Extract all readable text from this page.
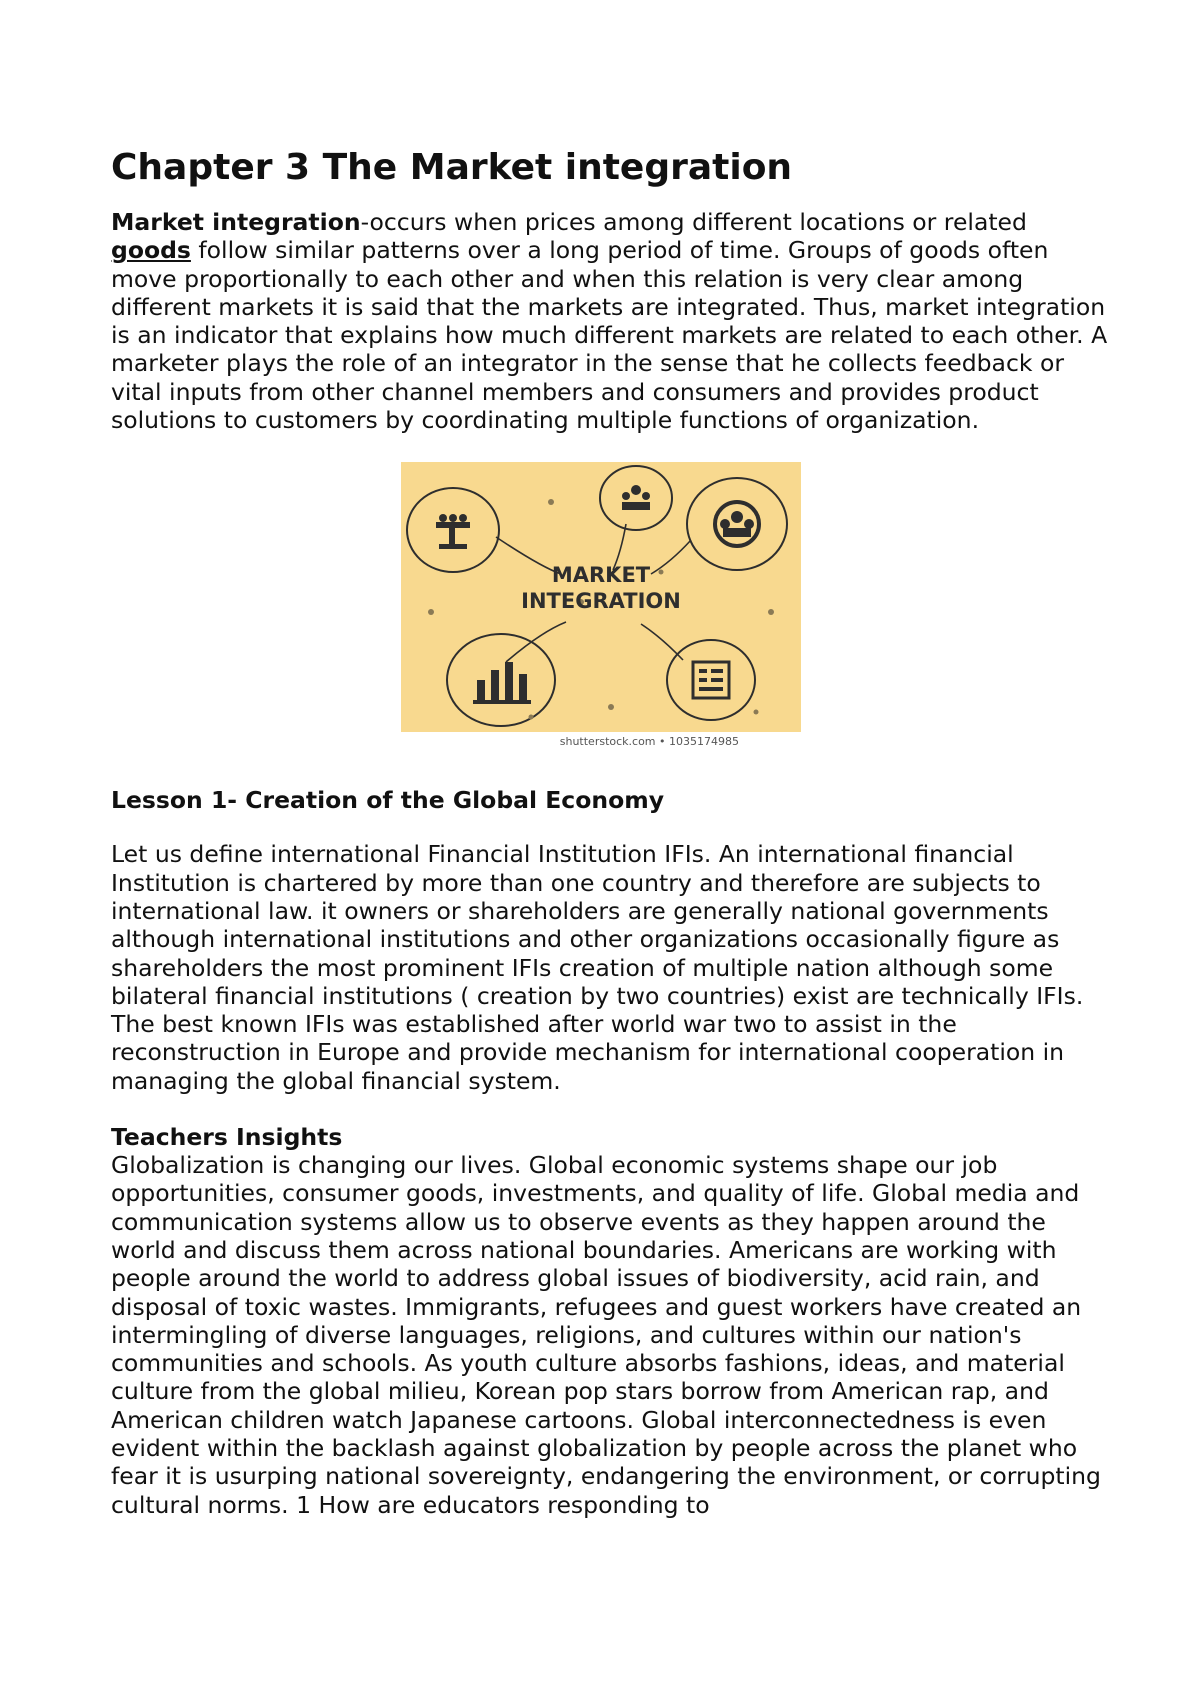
Chapter 3 The Market integration

Market integration-occurs when prices among different locations or related goods follow similar patterns over a long period of time. Groups of goods often move proportionally to each other and when this relation is very clear among different markets it is said that the markets are integrated. Thus, market integration is an indicator that explains how much different markets are related to each other. A marketer plays the role of an integrator in the sense that he collects feedback or vital inputs from other channel members and consumers and provides product solutions to customers by coordinating multiple functions of organization.

MARKET
INTEGRATION
shutterstock.com • 1035174985
Lesson 1- Creation of the Global Economy

Let us define international Financial Institution IFIs. An international financial Institution is chartered by more than one country and therefore are subjects to international law. it owners or shareholders are generally national governments although international institutions and other organizations occasionally figure as shareholders the most prominent IFIs creation of multiple nation although some bilateral financial institutions ( creation by two countries) exist are technically IFIs. The best known IFIs was established after world war two to assist in the reconstruction in Europe and provide mechanism for international cooperation in managing the global financial system.

Teachers Insights

Globalization is changing our lives. Global economic systems shape our job opportunities, consumer goods, investments, and quality of life. Global media and communication systems allow us to observe events as they happen around the world and discuss them across national boundaries. Americans are working with people around the world to address global issues of biodiversity, acid rain, and disposal of toxic wastes. Immigrants, refugees and guest workers have created an intermingling of diverse languages, religions, and cultures within our nation's communities and schools. As youth culture absorbs fashions, ideas, and material culture from the global milieu, Korean pop stars borrow from American rap, and American children watch Japanese cartoons. Global interconnectedness is even evident within the backlash against globalization by people across the planet who fear it is usurping national sovereignty, endangering the environment, or corrupting cultural norms. 1 How are educators responding to
